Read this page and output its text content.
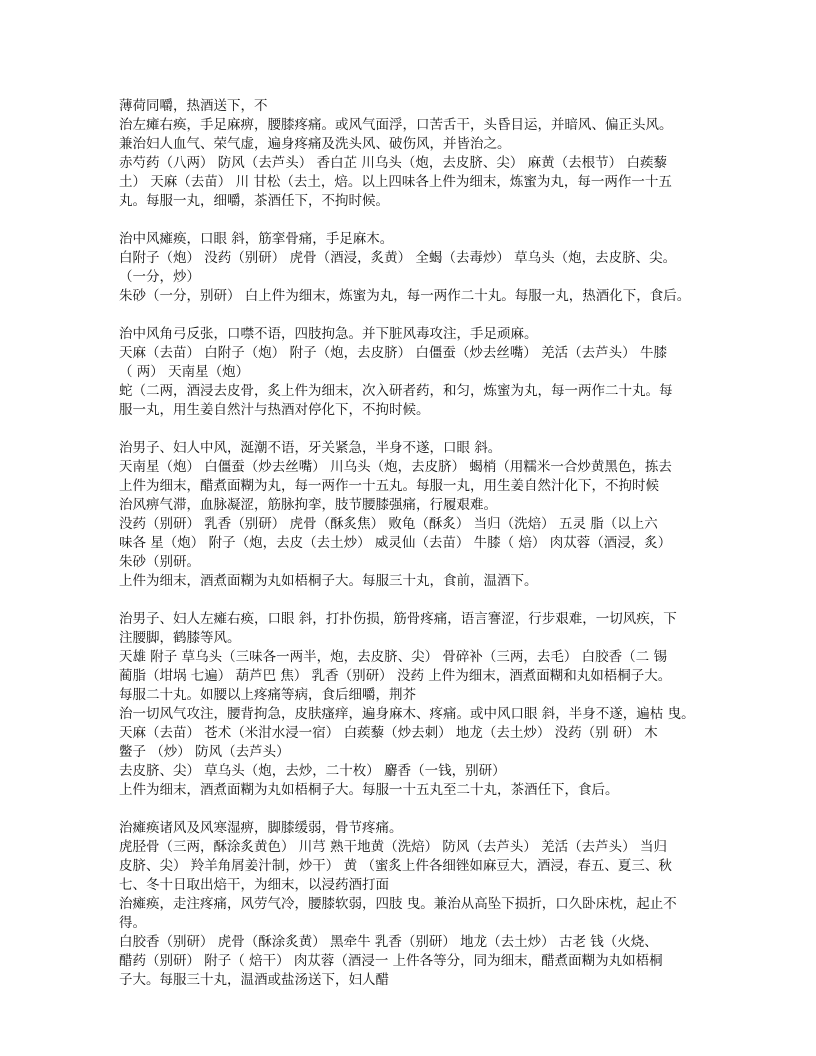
薄荷同嚼，热酒送下，不
治左瘫右痪，手足麻痹，腰膝疼痛。或风气面浮，口苦舌干，头昏目运，并暗风、偏正头风。
兼治妇人血气、荣气虚，遍身疼痛及洗头风、破伤风，并皆治之。
赤芍药（八两） 防风（去芦头） 香白芷 川乌头（炮，去皮脐、尖） 麻黄（去根节） 白蒺藜
土） 天麻（去苗） 川 甘松（去土，焙。以上四味各上件为细末，炼蜜为丸，每一两作一十五
丸。每服一丸，细嚼，茶酒任下，不拘时候。
治中风瘫痪，口眼 斜，筋挛骨痛，手足麻木。
白附子（炮） 没药（别研） 虎骨（酒浸，炙黄） 全蝎（去毒炒） 草乌头（炮，去皮脐、尖。
（一分，炒）
朱砂（一分，别研） 白上件为细末，炼蜜为丸，每一两作二十丸。每服一丸，热酒化下，食后。
治中风角弓反张，口噤不语，四肢拘急。并下脏风毒攻注，手足顽麻。
天麻（去苗） 白附子（炮） 附子（炮，去皮脐） 白僵蚕（炒去丝嘴） 羌活（去芦头） 牛膝
（ 两） 天南星（炮）
蛇（二两，酒浸去皮骨，炙上件为细末，次入研者药，和匀，炼蜜为丸，每一两作二十丸。每
服一丸，用生姜自然汁与热酒对停化下，不拘时候。
治男子、妇人中风，涎潮不语，牙关紧急，半身不遂，口眼 斜。
天南星（炮） 白僵蚕（炒去丝嘴） 川乌头（炮，去皮脐） 蝎梢（用糯米一合炒黄黑色，拣去
上件为细末，醋煮面糊为丸，每一两作一十五丸。每服一丸，用生姜自然汁化下，不拘时候
治风痹气滞，血脉凝涩，筋脉拘挛，肢节腰膝强痛，行履艰难。
没药（别研） 乳香（别研） 虎骨（酥炙焦） 败龟（酥炙） 当归（洗焙） 五灵 脂（以上六
味各 星（炮） 附子（炮，去皮（去土炒） 威灵仙（去苗） 牛膝（ 焙） 肉苁蓉（酒浸，炙）
朱砂（别研。
上件为细末，酒煮面糊为丸如梧桐子大。每服三十丸，食前，温酒下。
治男子、妇人左瘫右痪，口眼 斜，打扑伤损，筋骨疼痛，语言謇涩，行步艰难，一切风疾，下
注腰脚，鹤膝等风。
天雄 附子 草乌头（三味各一两半，炮，去皮脐、尖） 骨碎补（三两，去毛） 白胶香（二 锡
蔺脂（坩埚 七遍） 葫芦巴 焦） 乳香（别研） 没药 上件为细末，酒煮面糊和丸如梧桐子大。
每服二十丸。如腰以上疼痛等病，食后细嚼，荆芥
治一切风气攻注，腰背拘急，皮肤瘙痒，遍身麻木、疼痛。或中风口眼 斜，半身不遂，遍枯 曳。
天麻（去苗） 苍术（米泔水浸一宿） 白蒺藜（炒去刺） 地龙（去土炒） 没药（别 研） 木
鳖子 （炒） 防风（去芦头）
去皮脐、尖） 草乌头（炮，去炒，二十枚） 麝香（一钱，别研）
上件为细末，酒煮面糊为丸如梧桐子大。每服一十五丸至二十丸，茶酒任下，食后。
治瘫痪诸风及风寒湿痹，脚膝缓弱，骨节疼痛。
虎胫骨（三两，酥涂炙黄色） 川芎 熟干地黄（洗焙） 防风（去芦头） 羌活（去芦头） 当归
皮脐、尖） 羚羊角屑姜汁制，炒干） 黄 （蜜炙上件各细锉如麻豆大，酒浸，春五、夏三、秋
七、冬十日取出焙干，为细末，以浸药酒打面
治瘫痪，走注疼痛，风劳气冷，腰膝软弱，四肢 曳。兼治从高坠下损折，口久卧床枕，起止不
得。
白胶香（别研） 虎骨（酥涂炙黄） 黑牵牛 乳香（别研） 地龙（去土炒） 古老 钱（火烧、
醋药（别研） 附子（ 焙干） 肉苁蓉（酒浸一 上件各等分，同为细末，醋煮面糊为丸如梧桐
子大。每服三十丸，温酒或盐汤送下，妇人醋
